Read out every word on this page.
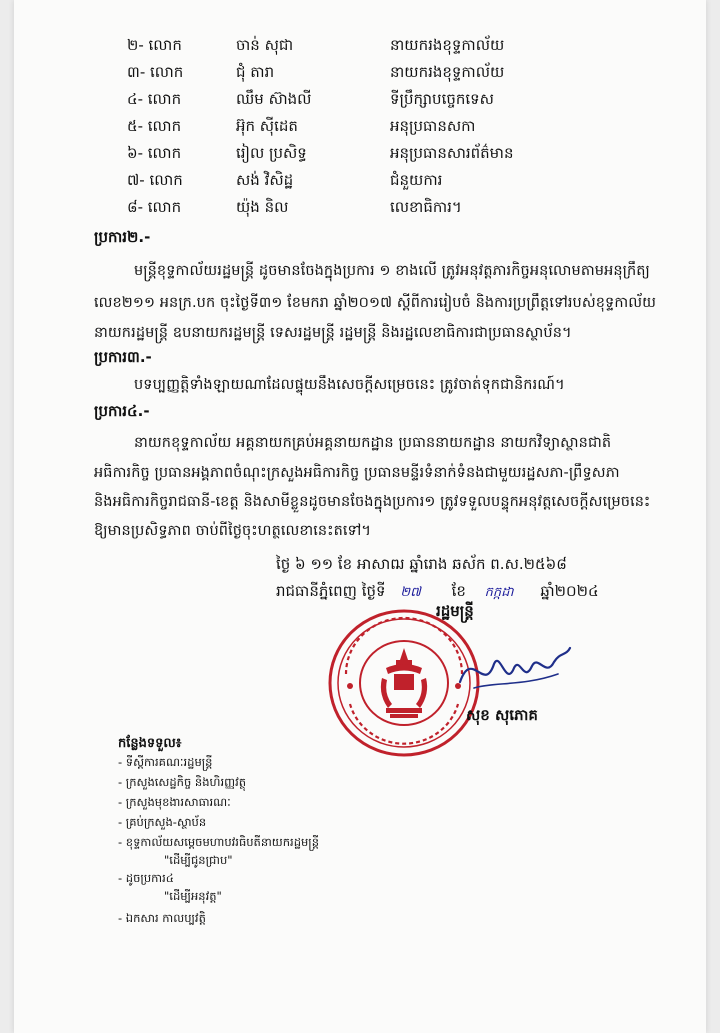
២- លោក	ចាន់ សុជា	នាយករងខុទ្ទកាល័យ
៣- លោក	ជុំ តារា	នាយករងខុទ្ទកាល័យ
៤- លោក	ឈឹម ស៊ាងលី	ទីប្រឹក្សាបច្ចេកទេស
៥- លោក	អ៊ុក ស៊ីដេត	អនុប្រធានសកា
៦- លោក	រៀល ប្រសិទ្ធ	អនុប្រធានសារព័ត៌មាន
៧- លោក	សង់ វិសិដ្ឋ	ជំនួយការ
៨- លោក	យ៉ុង និល	លេខាធិការ។
ប្រការ២.-
មន្ត្រីខុទ្ទកាល័យរដ្ឋមន្ត្រី ដូចមានចែងក្នុងប្រការ ១ ខាងលើ ត្រូវអនុវត្តភារកិច្ចអនុលោមតាមអនុក្រឹត្យ
លេខ២១១ អនក្រ.បក ចុះថ្ងៃទី៣១ ខែមករា ឆ្នាំ២០១៧ ស្តីពីការរៀបចំ និងការប្រព្រឹត្តទៅរបស់ខុទ្ទកាល័យ
នាយករដ្ឋមន្ត្រី ឧបនាយករដ្ឋមន្ត្រី ទេសរដ្ឋមន្ត្រី រដ្ឋមន្ត្រី និងរដ្ឋលេខាធិការជាប្រធានស្ថាប័ន។
ប្រការ៣.-
បទប្បញ្ញត្តិទាំងឡាយណាដែលផ្ទុយនឹងសេចក្តីសម្រេចនេះ ត្រូវចាត់ទុកជានិករណ៍។
ប្រការ៤.-
នាយកខុទ្ទកាល័យ អគ្គនាយកគ្រប់អគ្គនាយកដ្ឋាន ប្រធាននាយកដ្ឋាន នាយកវិទ្យាស្ថានជាតិ
អធិការកិច្ច ប្រធានអង្គភាពចំណុះក្រសួងអធិការកិច្ច ប្រធានមន្ទីរទំនាក់ទំនងជាមួយរដ្ឋសភា-ព្រឹទ្ធសភា
និងអធិការកិច្ចរាជធានី-ខេត្ត និងសាមីខ្លួនដូចមានចែងក្នុងប្រការ១ ត្រូវទទួលបន្ទុកអនុវត្តសេចក្តីសម្រេចនេះ
ឱ្យមានប្រសិទ្ធភាព ចាប់ពីថ្ងៃចុះហត្ថលេខានេះតទៅ។
ថ្ងៃ ៦ ១១ ខែ អាសាឍ ឆ្នាំរោង ឆស័ក ព.ស.២៥៦៨
រាជធានីភ្នំពេញ ថ្ងៃទី ២៧ ខែ កក្កដា ឆ្នាំ២០២៤
រដ្ឋមន្ត្រី
សុខ សុភោគ
កន្លែងទទួល៖
- ទីស្តីការគណៈរដ្ឋមន្ត្រី
- ក្រសួងសេដ្ឋកិច្ច និងហិរញ្ញវត្ថុ
- ក្រសួងមុខងារសាធារណៈ
- គ្រប់ក្រសួង-ស្ថាប័ន
- ខុទ្ទកាល័យសម្តេចមហាបវរធិបតីនាយករដ្ឋមន្ត្រី
"ដើម្បីជូនជ្រាប"
- ដូចប្រការ៤
"ដើម្បីអនុវត្ត"
- ឯកសារ កាលប្បវត្តិ
